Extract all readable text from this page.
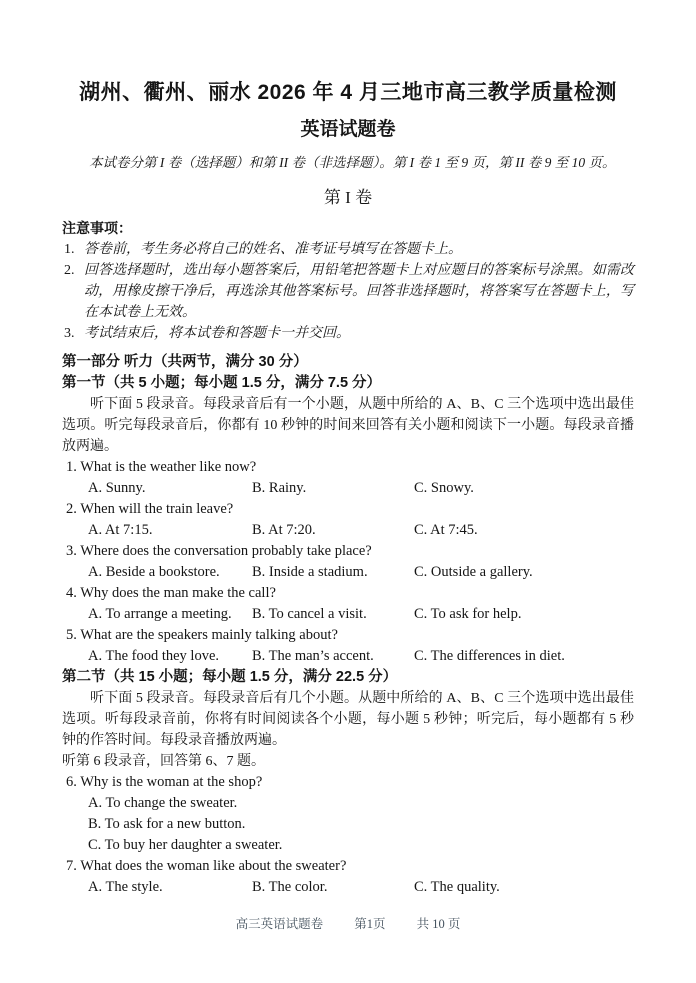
湖州、衢州、丽水 2026 年 4 月三地市高三教学质量检测
英语试题卷

本试卷分第 I 卷（选择题）和第 II 卷（非选择题）。第 I 卷 1 至 9 页，第 II 卷 9 至 10 页。

第 I 卷
注意事项：
1. 答卷前，考生务必将自己的姓名、准考证号填写在答题卡上。
2. 回答选择题时，选出每小题答案后，用铅笔把答题卡上对应题目的答案标号涂黑。如需改动，用橡皮擦干净后，再选涂其他答案标号。回答非选择题时，将答案写在答题卡上，写在本试卷上无效。
3. 考试结束后，将本试卷和答题卡一并交回。
第一部分 听力（共两节，满分 30 分）
第一节（共 5 小题；每小题 1.5 分，满分 7.5 分）

听下面 5 段录音。每段录音后有一个小题，从题中所给的 A、B、C 三个选项中选出最佳选项。听完每段录音后，你都有 10 秒钟的时间来回答有关小题和阅读下一小题。每段录音播放两遍。

1. What is the weather like now?
A. Sunny.	B. Rainy.	C. Snowy.
2. When will the train leave?
A. At 7:15.	B. At 7:20.	C. At 7:45.
3. Where does the conversation probably take place?
A. Beside a bookstore.	B. Inside a stadium.	C. Outside a gallery.
4. Why does the man make the call?
A. To arrange a meeting.	B. To cancel a visit.	C. To ask for help.
5. What are the speakers mainly talking about?
A. The food they love.	B. The man’s accent.	C. The differences in diet.
第二节（共 15 小题；每小题 1.5 分，满分 22.5 分）

听下面 5 段录音。每段录音后有几个小题。从题中所给的 A、B、C 三个选项中选出最佳选项。听每段录音前，你将有时间阅读各个小题，每小题 5 秒钟；听完后，每小题都有 5 秒钟的作答时间。每段录音播放两遍。

听第 6 段录音，回答第 6、7 题。
6. Why is the woman at the shop?
A. To change the sweater.
B. To ask for a new button.
C. To buy her daughter a sweater.
7. What does the woman like about the sweater?
A. The style.	B. The color.	C. The quality.
高三英语试题卷 第1页 共 10 页
